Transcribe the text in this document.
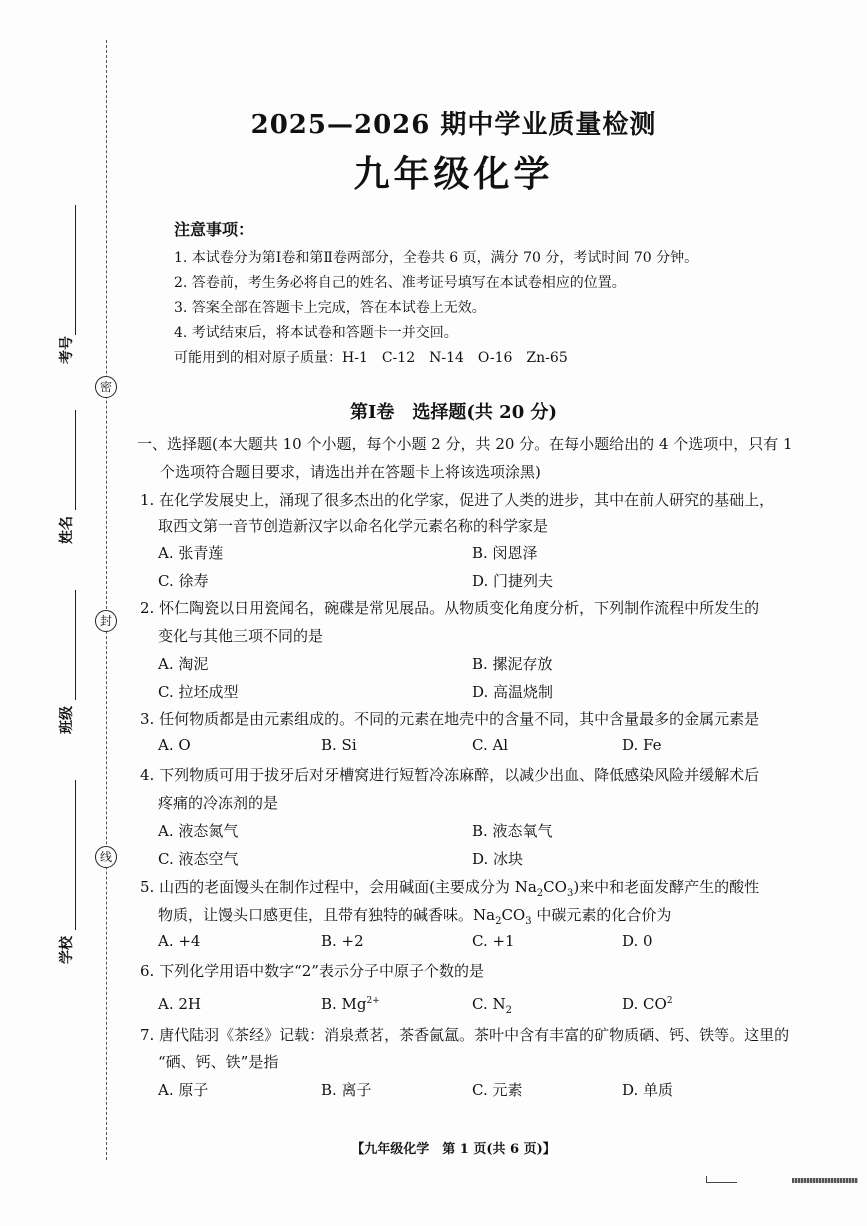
密
封
线
考号
姓名
班级
学校
2025—2026 期中学业质量检测
九年级化学
注意事项：
1. 本试卷分为第Ⅰ卷和第Ⅱ卷两部分，全卷共 6 页，满分 70 分，考试时间 70 分钟。
2. 答卷前，考生务必将自己的姓名、准考证号填写在本试卷相应的位置。
3. 答案全部在答题卡上完成，答在本试卷上无效。
4. 考试结束后，将本试卷和答题卡一并交回。
可能用到的相对原子质量：H-1　C-12　N-14　O-16　Zn-65
第Ⅰ卷　选择题(共 20 分)
一、选择题(本大题共 10 个小题，每个小题 2 分，共 20 分。在每小题给出的 4 个选项中，只有 1
个选项符合题目要求，请选出并在答题卡上将该选项涂黑)
1. 在化学发展史上，涌现了很多杰出的化学家，促进了人类的进步，其中在前人研究的基础上，
取西文第一音节创造新汉字以命名化学元素名称的科学家是
A. 张青莲	B. 闵恩泽
C. 徐寿	D. 门捷列夫
2. 怀仁陶瓷以日用瓷闻名，碗碟是常见展品。从物质变化角度分析，下列制作流程中所发生的
变化与其他三项不同的是
A. 淘泥	B. 摞泥存放
C. 拉坯成型	D. 高温烧制
3. 任何物质都是由元素组成的。不同的元素在地壳中的含量不同，其中含量最多的金属元素是
A. O	B. Si	C. Al	D. Fe
4. 下列物质可用于拔牙后对牙槽窝进行短暂冷冻麻醉，以减少出血、降低感染风险并缓解术后
疼痛的冷冻剂的是
A. 液态氮气	B. 液态氧气
C. 液态空气	D. 冰块
5. 山西的老面馒头在制作过程中，会用碱面(主要成分为 $Na_2CO_3$)来中和老面发酵产生的酸性
物质，让馒头口感更佳，且带有独特的碱香味。$Na_2CO_3$ 中碳元素的化合价为
A. +4	B. +2	C. +1	D. 0
6. 下列化学用语中数字“2”表示分子中原子个数的是
A. 2H	B. $Mg^{2+}$	C. $N_2$	D. $CO^2$
7. 唐代陆羽《茶经》记载：消泉煮茗，茶香氤氲。茶叶中含有丰富的矿物质硒、钙、铁等。这里的
“硒、钙、铁”是指
A. 原子	B. 离子	C. 元素	D. 单质
【九年级化学　第 1 页(共 6 页)】
